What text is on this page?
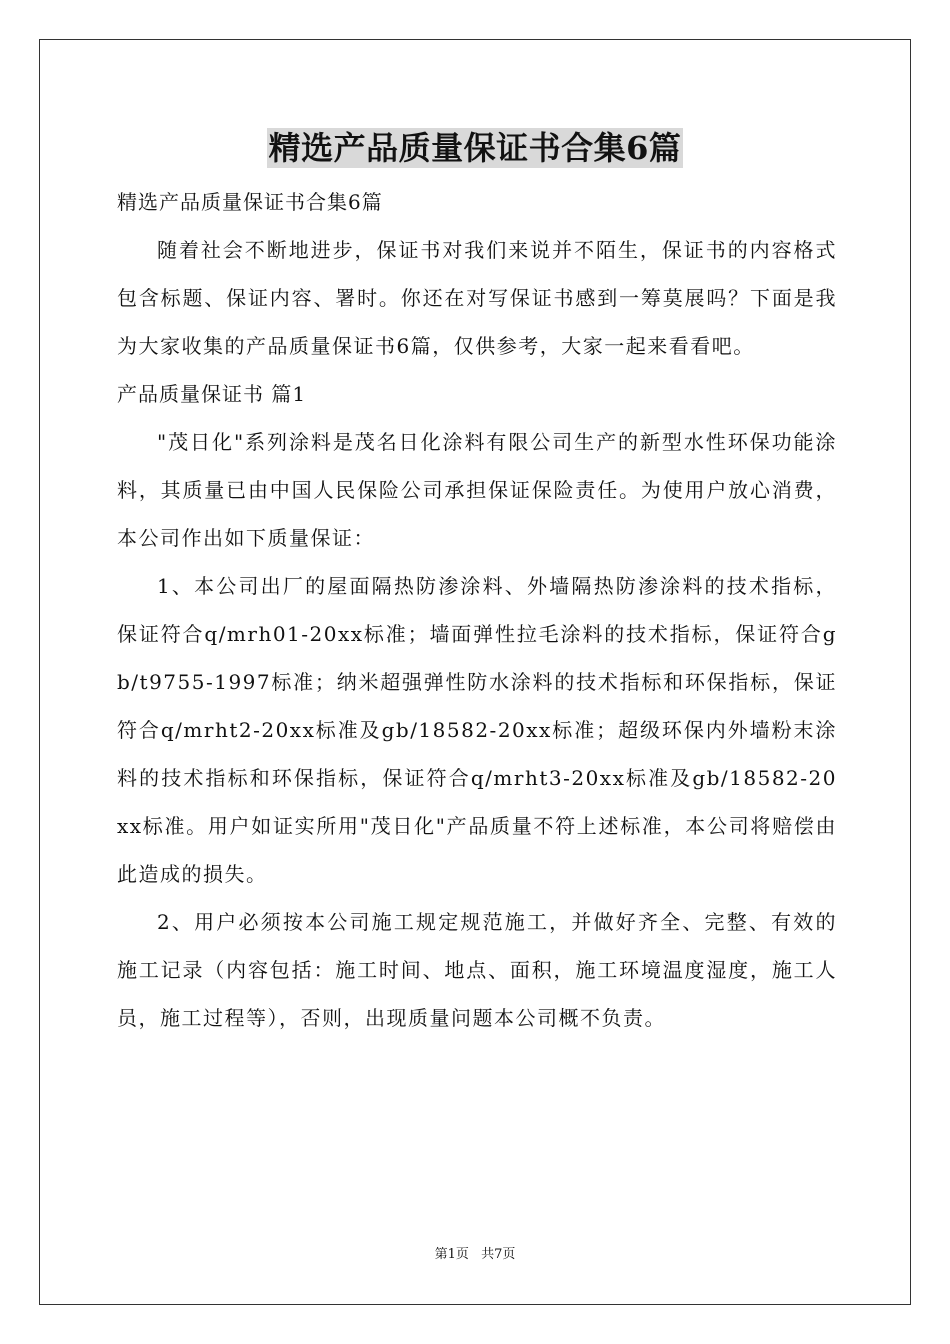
精选产品质量保证书合集6篇

精选产品质量保证书合集6篇

随着社会不断地进步，保证书对我们来说并不陌生，保证书的内容格式包含标题、保证内容、署时。你还在对写保证书感到一筹莫展吗？下面是我为大家收集的产品质量保证书6篇，仅供参考，大家一起来看看吧。

产品质量保证书 篇1

"茂日化"系列涂料是茂名日化涂料有限公司生产的新型水性环保功能涂料，其质量已由中国人民保险公司承担保证保险责任。为使用户放心消费，本公司作出如下质量保证：

1、本公司出厂的屋面隔热防渗涂料、外墙隔热防渗涂料的技术指标，保证符合q/mrh01-20xx标准；墙面弹性拉毛涂料的技术指标，保证符合gb/t9755-1997标准；纳米超强弹性防水涂料的技术指标和环保指标，保证符合q/mrht2-20xx标准及gb/18582-20xx标准；超级环保内外墙粉末涂料的技术指标和环保指标，保证符合q/mrht3-20xx标准及gb/18582-20xx标准。用户如证实所用"茂日化"产品质量不符上述标准，本公司将赔偿由此造成的损失。

2、用户必须按本公司施工规定规范施工，并做好齐全、完整、有效的施工记录（内容包括：施工时间、地点、面积，施工环境温度湿度，施工人员，施工过程等），否则，出现质量问题本公司概不负责。

第1页 共7页
